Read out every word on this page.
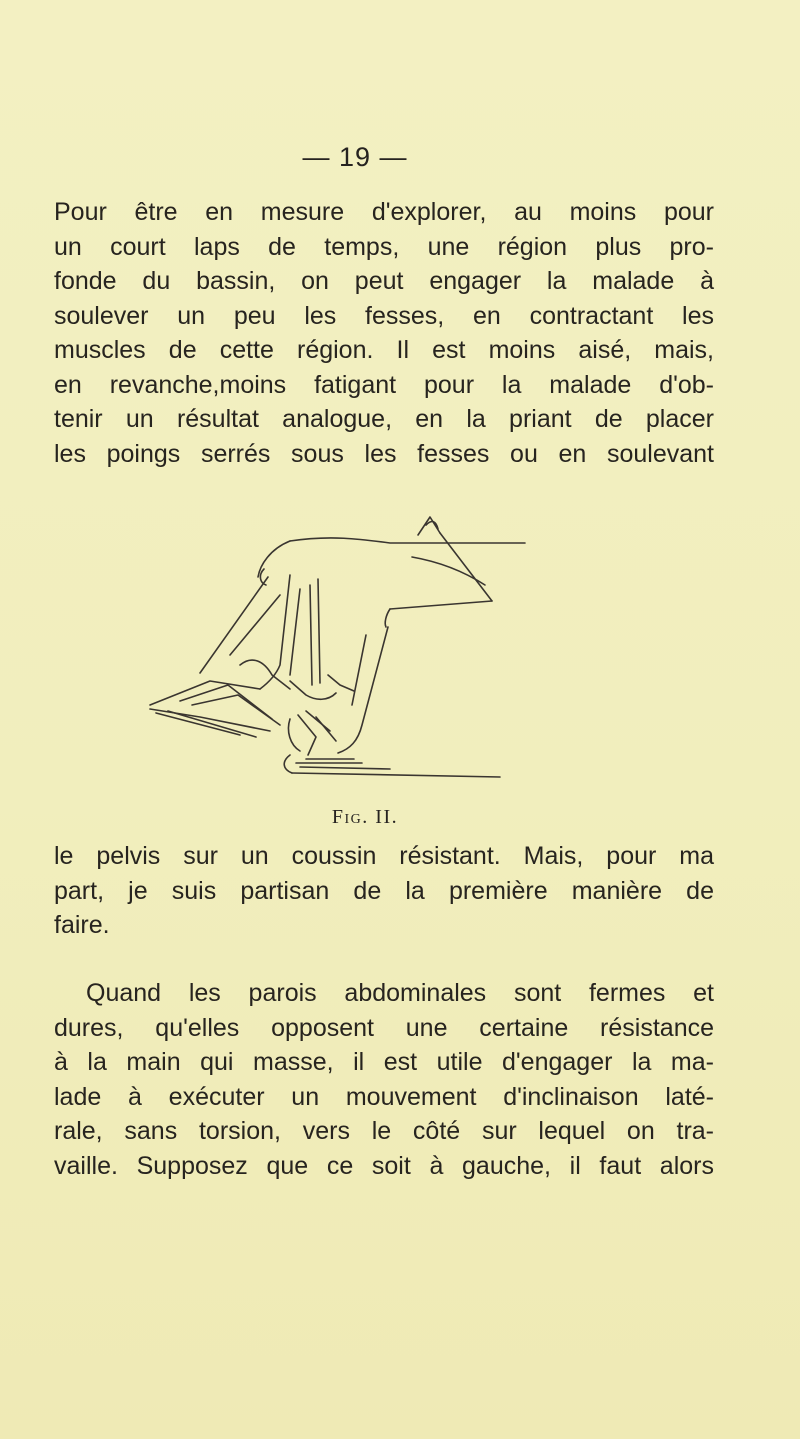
— 19 —
Pour être en mesure d'explorer, au moins pour
un court laps de temps, une région plus pro-
fonde du bassin, on peut engager la malade à
soulever un peu les fesses, en contractant les
muscles de cette région. Il est moins aisé, mais,
en revanche,moins fatigant pour la malade d'ob-
tenir un résultat analogue, en la priant de placer
les poings serrés sous les fesses ou en soulevant
Fig. II.
le pelvis sur un coussin résistant. Mais, pour ma
part, je suis partisan de la première manière de
faire.
Quand les parois abdominales sont fermes et
dures, qu'elles opposent une certaine résistance
à la main qui masse, il est utile d'engager la ma-
lade à exécuter un mouvement d'inclinaison laté-
rale, sans torsion, vers le côté sur lequel on tra-
vaille. Supposez que ce soit à gauche, il faut alors
